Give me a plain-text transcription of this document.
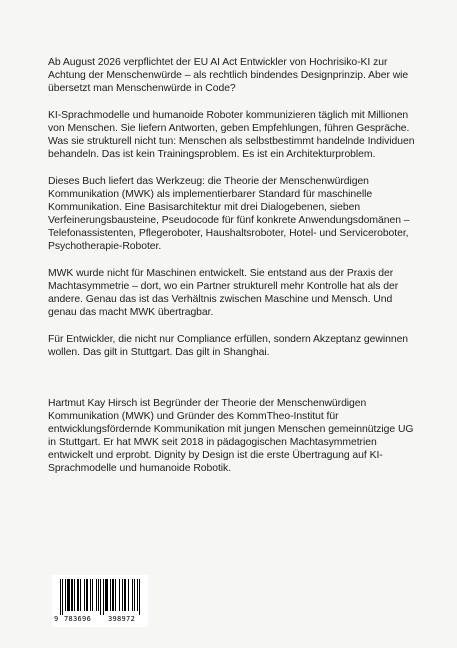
Ab August 2026 verpflichtet der EU AI Act Entwickler von Hochrisiko-KI zur Achtung der Menschenwürde – als rechtlich bindendes Designprinzip. Aber wie übersetzt man Menschenwürde in Code?

KI-Sprachmodelle und humanoide Roboter kommunizieren täglich mit Millionen von Menschen. Sie liefern Antworten, geben Empfehlungen, führen Gespräche. Was sie strukturell nicht tun: Menschen als selbstbestimmt handelnde Individuen behandeln. Das ist kein Trainingsproblem. Es ist ein Architekturproblem.

Dieses Buch liefert das Werkzeug: die Theorie der Menschenwürdigen Kommunikation (MWK) als implementierbarer Standard für maschinelle Kommunikation. Eine Basisarchitektur mit drei Dialogebenen, sieben Verfeinerungsbausteine, Pseudocode für fünf konkrete Anwendungsdomänen – Telefonassistenten, Pflegeroboter, Haushaltsroboter, Hotel- und Serviceroboter, Psychotherapie-Roboter.

MWK wurde nicht für Maschinen entwickelt. Sie entstand aus der Praxis der Machtasymmetrie – dort, wo ein Partner strukturell mehr Kontrolle hat als der andere. Genau das ist das Verhältnis zwischen Maschine und Mensch. Und genau das macht MWK übertragbar.

Für Entwickler, die nicht nur Compliance erfüllen, sondern Akzeptanz gewinnen wollen. Das gilt in Stuttgart. Das gilt in Shanghai.

Hartmut Kay Hirsch ist Begründer der Theorie der Menschenwürdigen Kommunikation (MWK) und Gründer des KommTheo-Institut für entwicklungsfördernde Kommunikation mit jungen Menschen gemeinnützige UG in Stuttgart. Er hat MWK seit 2018 in pädagogischen Machtasymmetrien entwickelt und erprobt. Dignity by Design ist die erste Übertragung auf KI-Sprachmodelle und humanoide Robotik.

9 783696	398972
